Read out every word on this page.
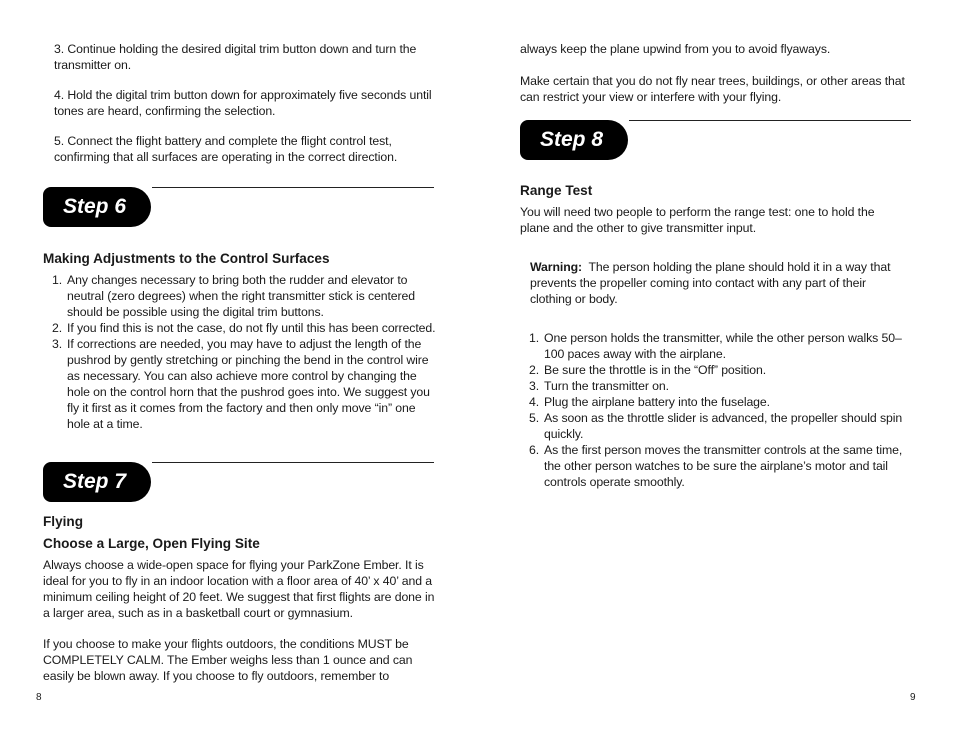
3. Continue holding the desired digital trim button down and turn the transmitter on.

4. Hold the digital trim button down for approximately five seconds until tones are heard, confirming the selection.

5. Connect the flight battery and complete the flight control test, confirming that all surfaces are operating in the correct direction.

Step 6

Making Adjustments to the Control Surfaces

1. Any changes necessary to bring both the rudder and elevator to neutral (zero degrees) when the right transmitter stick is centered should be possible using the digital trim buttons.
2. If you find this is not the case, do not fly until this has been corrected.
3. If corrections are needed, you may have to adjust the length of the pushrod by gently stretching or pinching the bend in the control wire as necessary. You can also achieve more control by changing the hole on the control horn that the pushrod goes into. We suggest you fly it first as it comes from the factory and then only move “in” one hole at a time.
Step 7

Flying

Choose a Large, Open Flying Site

Always choose a wide-open space for flying your ParkZone Ember. It is ideal for you to fly in an indoor location with a floor area of 40’ x 40’ and a minimum ceiling height of 20 feet. We suggest that first flights are done in a larger area, such as in a basketball court or gymnasium.

If you choose to make your flights outdoors, the conditions MUST be COMPLETELY CALM. The Ember weighs less than 1 ounce and can easily be blown away. If you choose to fly outdoors, remember to

8

always keep the plane upwind from you to avoid flyaways.

Make certain that you do not fly near trees, buildings, or other areas that can restrict your view or interfere with your flying.

Step 8

Range Test

You will need two people to perform the range test: one to hold the plane and the other to give transmitter input.

Warning: The person holding the plane should hold it in a way that prevents the propeller coming into contact with any part of their clothing or body.

1. One person holds the transmitter, while the other person walks 50–100 paces away with the airplane.
2. Be sure the throttle is in the “Off” position.
3. Turn the transmitter on.
4. Plug the airplane battery into the fuselage.
5. As soon as the throttle slider is advanced, the propeller should spin quickly.
6. As the first person moves the transmitter controls at the same time, the other person watches to be sure the airplane’s motor and tail controls operate smoothly.
9
